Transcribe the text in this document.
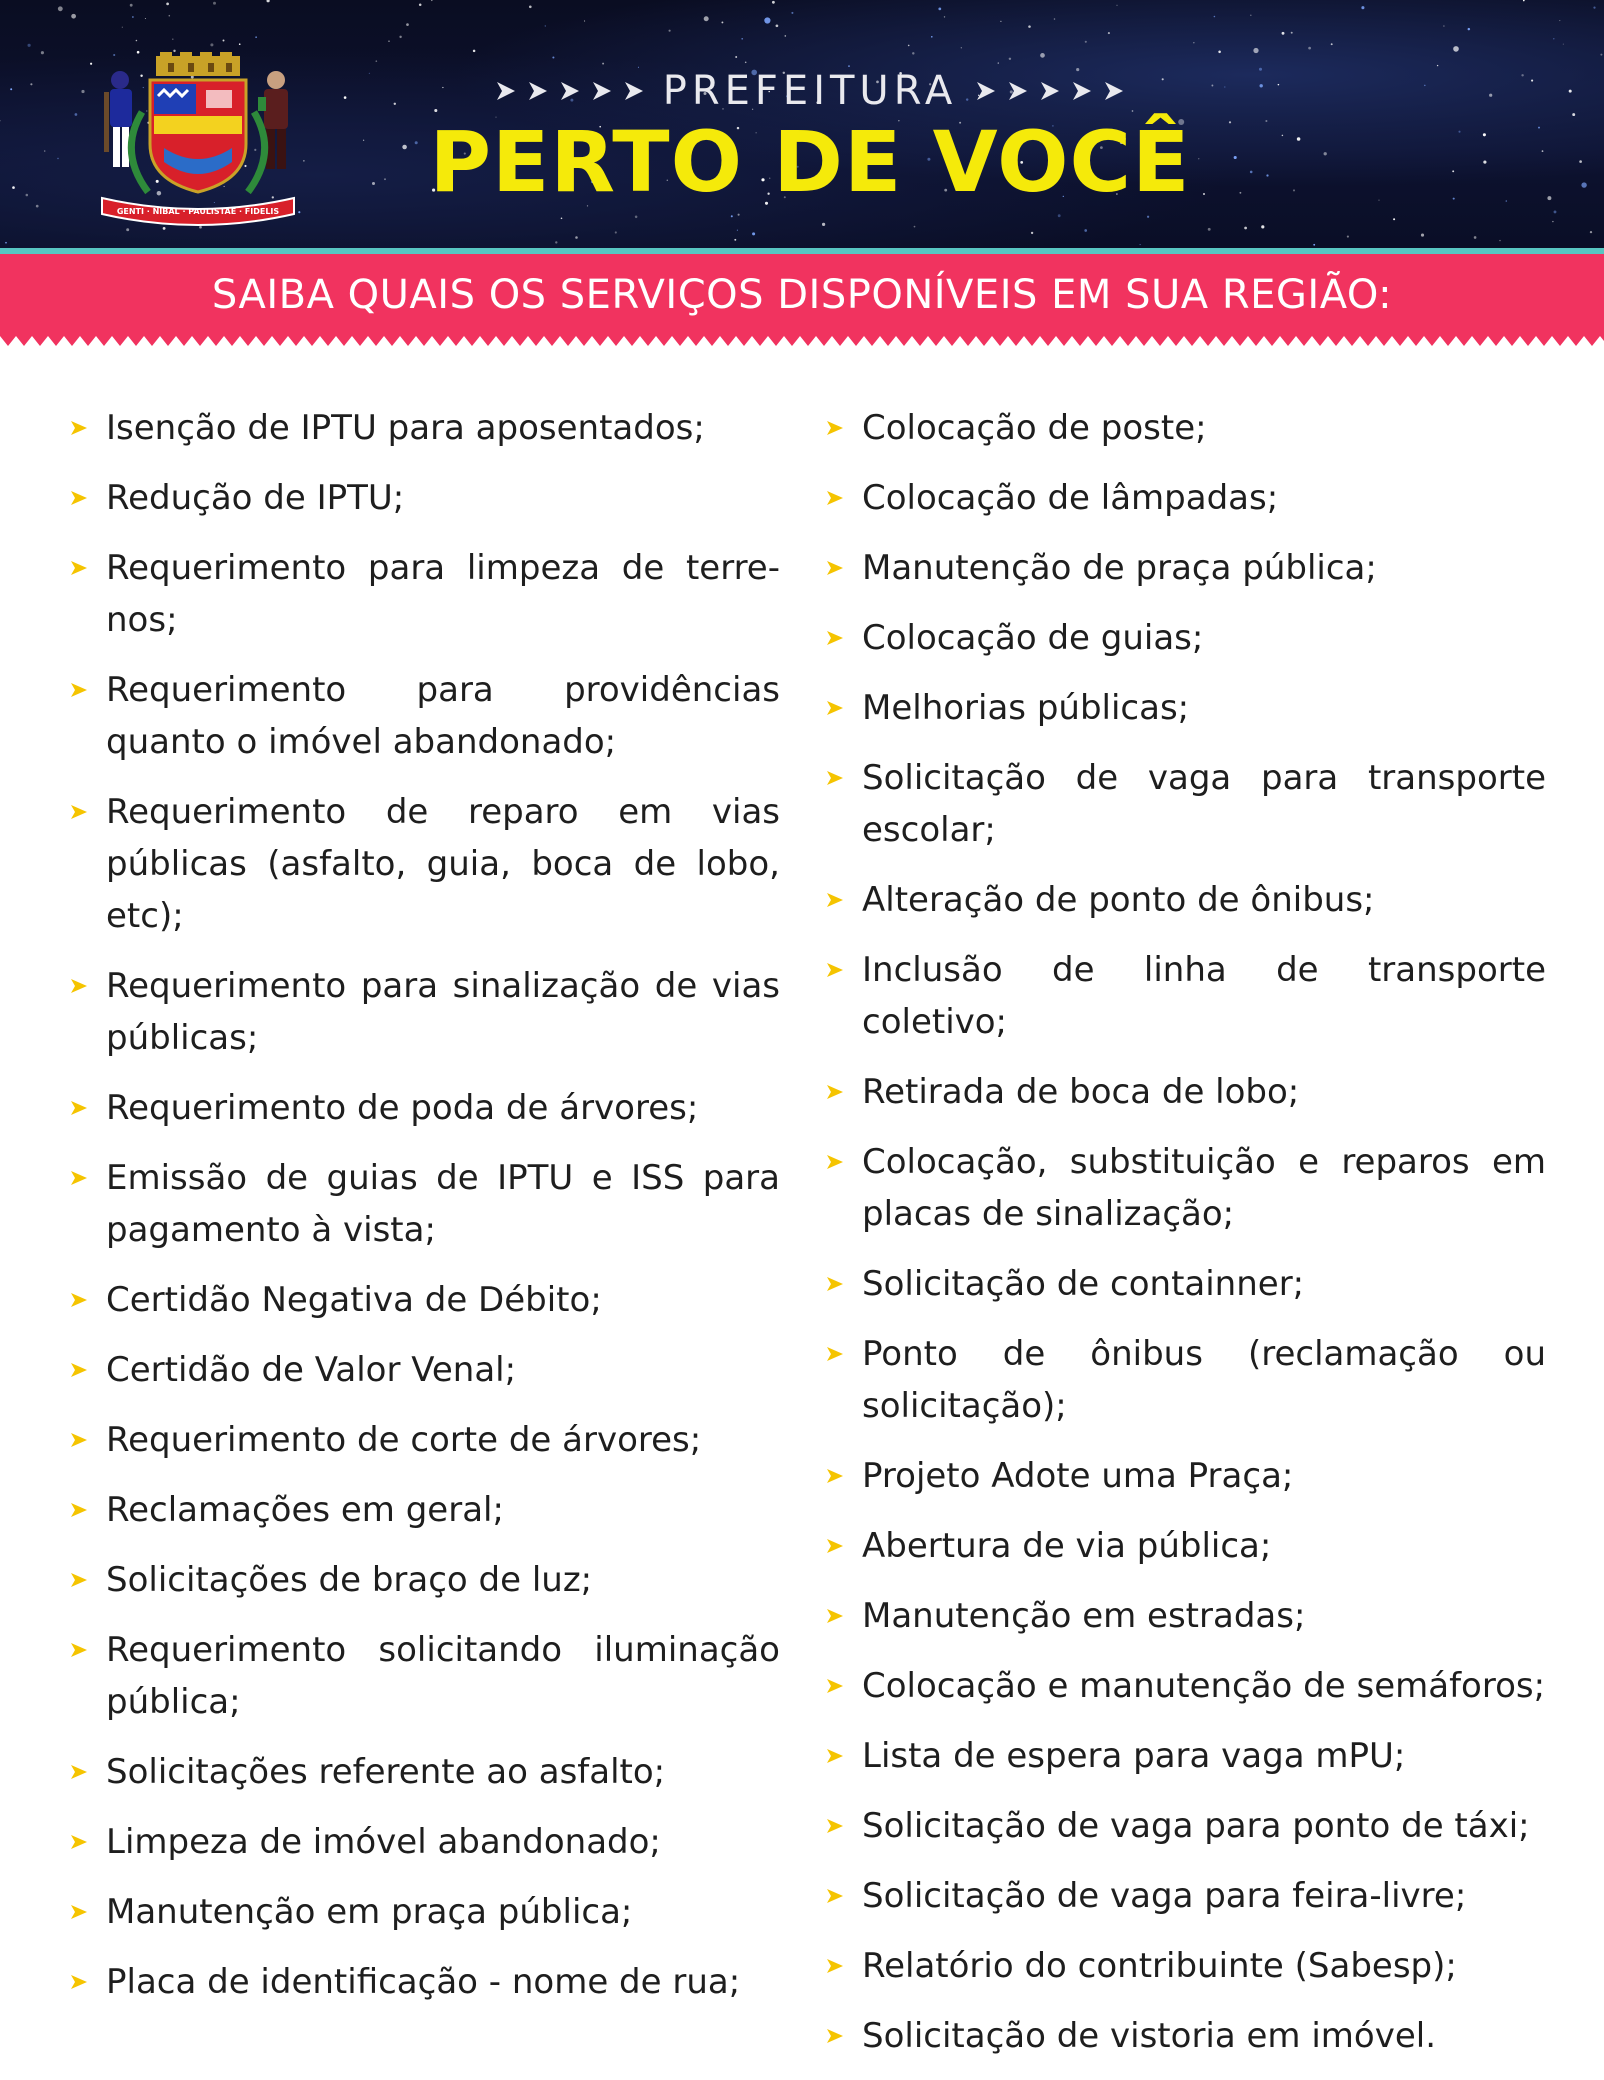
GENTI · NIBAL · PAULISTAE · FIDELIS
PREFEITURA
PERTO DE VOCÊ
SAIBA QUAIS OS SERVIÇOS DISPONÍVEIS EM SUA REGIÃO:
Isenção de IPTU para aposentados;
Redução de IPTU;
Requerimento para limpeza de terre-nos;
Requerimento para providências quanto o imóvel abandonado;
Requerimento de reparo em vias públicas (asfalto, guia, boca de lobo, etc);
Requerimento para sinalização de vias públicas;
Requerimento de poda de árvores;
Emissão de guias de IPTU e ISS para pagamento à vista;
Certidão Negativa de Débito;
Certidão de Valor Venal;
Requerimento de corte de árvores;
Reclamações em geral;
Solicitações de braço de luz;
Requerimento solicitando iluminação pública;
Solicitações referente ao asfalto;
Limpeza de imóvel abandonado;
Manutenção em praça pública;
Placa de identificação - nome de rua;
Colocação de poste;
Colocação de lâmpadas;
Manutenção de praça pública;
Colocação de guias;
Melhorias públicas;
Solicitação de vaga para transporte escolar;
Alteração de ponto de ônibus;
Inclusão de linha de transporte coletivo;
Retirada de boca de lobo;
Colocação, substituição e reparos em placas de sinalização;
Solicitação de containner;
Ponto de ônibus (reclamação ou solicitação);
Projeto Adote uma Praça;
Abertura de via pública;
Manutenção em estradas;
Colocação e manutenção de semáforos;
Lista de espera para vaga mPU;
Solicitação de vaga para ponto de táxi;
Solicitação de vaga para feira-livre;
Relatório do contribuinte (Sabesp);
Solicitação de vistoria em imóvel.
